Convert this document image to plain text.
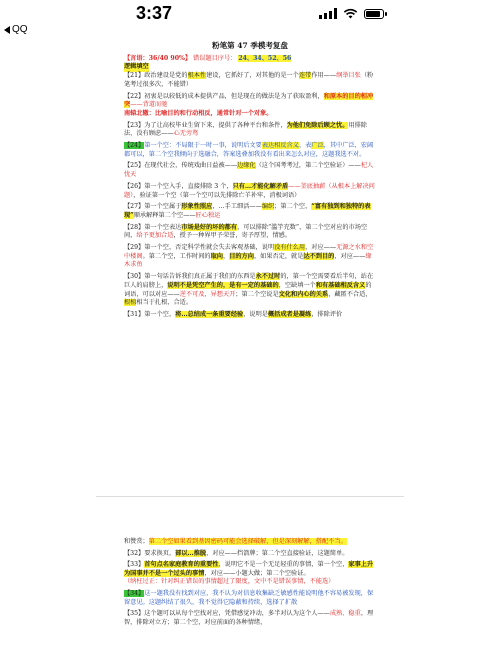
3:37
QQ
粉笔第 47 季模考复盘

【言语：36/40 90%】 错误题目序号： 24、34、52、56

逻辑填空

【21】政治建设是党的根本性建设，它抓好了，对其他的是一个连带作用——纲举目张（粉笔考过很多次，不能错）

【22】初衷是以较低的成本提供产品，但是现在的做法是为了获取盈利，和原本的目的相冲突——背道而驰

南辕北辙：比喻目的和行动相反，通常针对一个对象。

【23】为了让高校毕业生留下来，提供了各种平台和条件，为他们免除后顾之忧。用排除法，没有顾虑——心无旁骛

【24】第一个空：不局限于一时一事，说明后文要表达相反含义，表广泛，其中广泛，宏阔都可以，第二个空我倾向于选融合，答案选叠加我没有看出来怎么对应，这题我选不对。

【25】在现代社会，传统戏曲日益被——边缘化（这个国考考过，第二个空验证）——杞人忧天

【26】第一个空入手，直接排除 3 个，只有…才能化解矛盾——釜底抽薪（从根本上解决问题），验证第一个空（第一个空可以先排除亡羊补牢，消极词语）

【27】第一个空属于形象性照应，…手工细活——编织；第二个空，“富有独到和独特的表现”顺承解释第二个空——匠心独运

【28】第一个空表达市场是好的坏的都有，可以排除“滥竽充数”，第二个空对应的市场空间，给予更加合适，授予一种界甲予荣誉，寄予厚望，情感。

【29】第一个空，否定科学性就会失去客观基础，说明没有什么用，对应——无源之水和空中楼阁。第二个空，工作时间的取向，目的方向，如果否定，就是达不到目的，对应——缘木求鱼

【30】第一句话告诉我们真正属于我们的东西是永不过时的，第一个空需要看后半句，站在巨人的肩膀上，说明不是凭空产生的，是有一定的基础的，空缺填一个和有基础相反含义的词语，可以对应——逆不可及，异想天开；第二个空说是文化和内心的关系，藏匿不合适，根植相当于扎根，合适。

【31】第一个空，将…总结成一条重要经验，说明是概括成者是凝练，排除评价

和赞赏；第二个空如果看到基因密码可能会选择破解，但是深刻解解，搭配不当。

【32】要求换页，部以…推脱，对应——挡箭牌；第二个空直接验证，这题简单。

【33】首句点名家庭教育的重要性，说明它不是一个无足轻重的事情，第一个空，家事上升为国事并不是一个过头的事情，对应——小题大做；第二个空验证。

（纳枉过正：针对纠正错误的事情超过了限度，文中不是错误事情，不能选）

【34】这一题我没有找到对应，我不认为对信息收集缺乏敏感性能说明他不容易被发现，保留意见。这题纠结了很久，我不觉得它隐蔽和持续，选择了扩散

【35】这个题可以从每个空找对应，凭借感觉冲动，多半对认为这个人——成熟、稳重，理智，排除对立方；第二个空，对应前面的各种情绪，
